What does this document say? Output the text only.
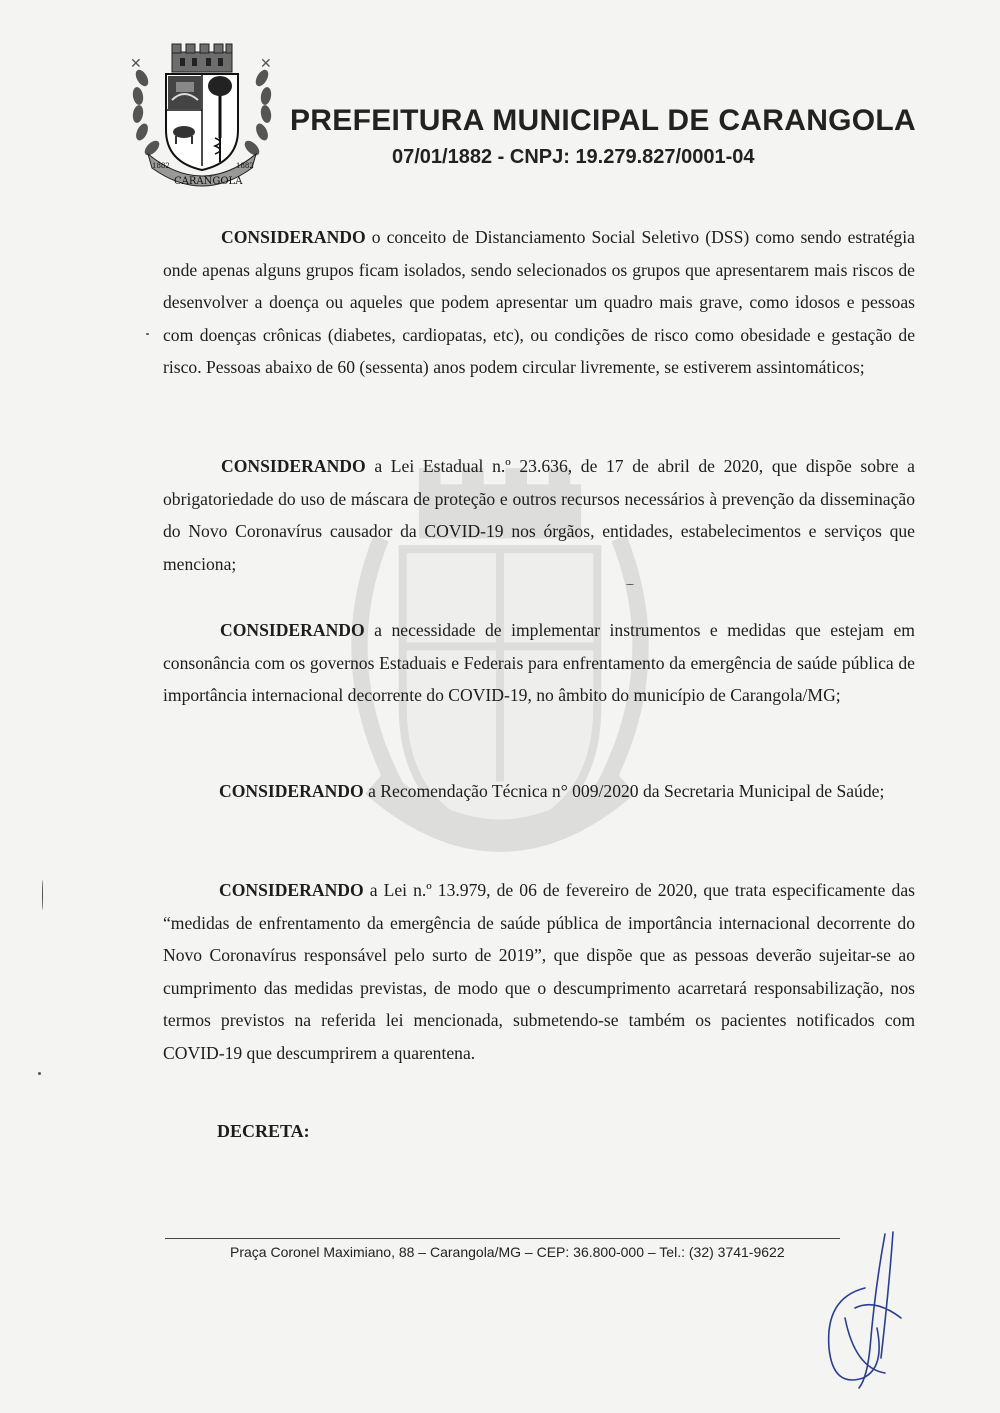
✕	✕
1882	1882
CARANGOLA
PREFEITURA MUNICIPAL DE CARANGOLA
07/01/1882 - CNPJ: 19.279.827/0001-04

CONSIDERANDO o conceito de Distanciamento Social Seletivo (DSS) como sendo estratégia onde apenas alguns grupos ficam isolados, sendo selecionados os grupos que apresentarem mais riscos de desenvolver a doença ou aqueles que podem apresentar um quadro mais grave, como idosos e pessoas com doenças crônicas (diabetes, cardiopatas, etc), ou condições de risco como obesidade e gestação de risco. Pessoas abaixo de 60 (sessenta) anos podem circular livremente, se estiverem assintomáticos;

CONSIDERANDO a Lei Estadual n.º 23.636, de 17 de abril de 2020, que dispõe sobre a obrigatoriedade do uso de máscara de proteção e outros recursos necessários à prevenção da disseminação do Novo Coronavírus causador da COVID-19 nos órgãos, entidades, estabelecimentos e serviços que menciona;

CONSIDERANDO a necessidade de implementar instrumentos e medidas que estejam em consonância com os governos Estaduais e Federais para enfrentamento da emergência de saúde pública de importância internacional decorrente do COVID-19, no âmbito do município de Carangola/MG;

CONSIDERANDO a Recomendação Técnica n° 009/2020 da Secretaria Municipal de Saúde;

CONSIDERANDO a Lei n.º 13.979, de 06 de fevereiro de 2020, que trata especificamente das “medidas de enfrentamento da emergência de saúde pública de importância internacional decorrente do Novo Coronavírus responsável pelo surto de 2019”, que dispõe que as pessoas deverão sujeitar-se ao cumprimento das medidas previstas, de modo que o descumprimento acarretará responsabilização, nos termos previstos na referida lei mencionada, submetendo-se também os pacientes notificados com COVID-19 que descumprirem a quarentena.

DECRETA:

Praça Coronel Maximiano, 88 – Carangola/MG – CEP: 36.800-000 – Tel.: (32) 3741-9622
